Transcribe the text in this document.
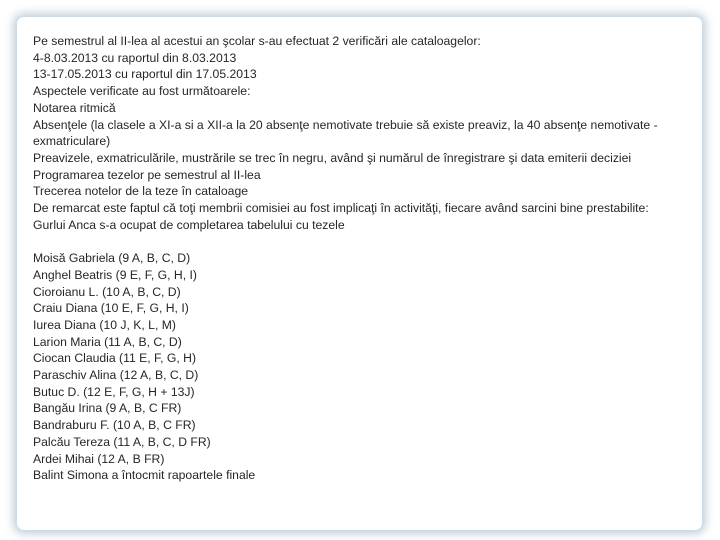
Pe semestrul al II-lea al acestui an şcolar s-au efectuat 2 verificări ale cataloagelor:
4-8.03.2013 cu raportul din 8.03.2013
13-17.05.2013 cu raportul din 17.05.2013
Aspectele verificate au fost următoarele:
Notarea ritmică
Absenţele (la clasele a XI-a si a XII-a la 20 absenţe nemotivate trebuie să existe preaviz, la 40 absenţe nemotivate - exmatriculare)
Preavizele, exmatriculările, mustrările se trec în negru, având şi numărul de înregistrare şi data emiterii deciziei
Programarea tezelor pe semestrul al II-lea
Trecerea notelor de la teze în cataloage
De remarcat este faptul că toţi membrii comisiei au fost implicaţi în activităţi, fiecare având sarcini bine prestabilite:
Gurlui Anca s-a ocupat de completarea tabelului cu tezele
Moisă Gabriela (9 A, B, C, D)
Anghel Beatris (9 E, F, G, H, I)
Cioroianu L. (10 A, B, C, D)
Craiu Diana (10 E, F, G, H, I)
Iurea Diana (10 J, K, L, M)
Larion Maria (11 A, B, C, D)
Ciocan Claudia (11 E, F, G, H)
Paraschiv Alina (12 A, B, C, D)
Butuc D. (12 E, F, G, H + 13J)
Bangău Irina (9 A, B, C FR)
Bandraburu F. (10 A, B, C FR)
Palcău Tereza (11 A, B, C, D FR)
Ardei Mihai (12 A, B FR)
Balint Simona a întocmit rapoartele finale
